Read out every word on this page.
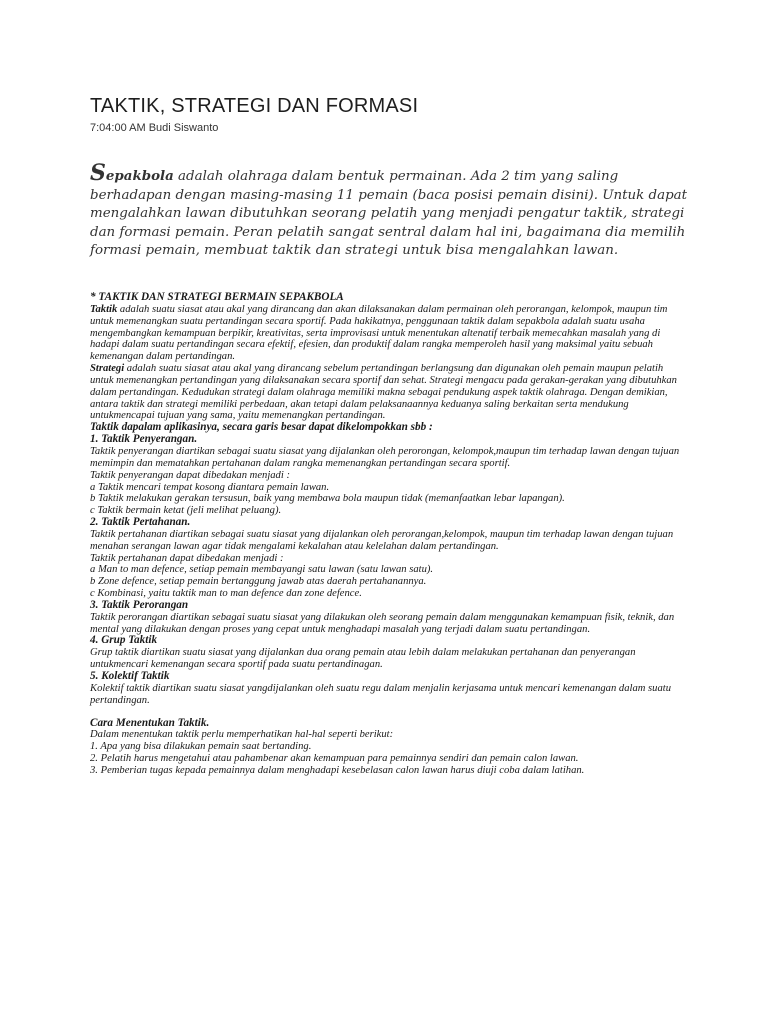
TAKTIK, STRATEGI DAN FORMASI
7:04:00 AM Budi Siswanto
Sepakbola adalah olahraga dalam bentuk permainan. Ada 2 tim yang saling berhadapan dengan masing-masing 11 pemain (baca posisi pemain disini). Untuk dapat mengalahkan lawan dibutuhkan seorang pelatih yang menjadi pengatur taktik, strategi dan formasi pemain. Peran pelatih sangat sentral dalam hal ini, bagaimana dia memilih formasi pemain, membuat taktik dan strategi untuk bisa mengalahkan lawan.

* TAKTIK DAN STRATEGI BERMAIN SEPAKBOLA

Taktik adalah suatu siasat atau akal yang dirancang dan akan dilaksanakan dalam permainan oleh perorangan, kelompok, maupun tim untuk memenangkan suatu pertandingan secara sportif. Pada hakikatnya, penggunaan taktik dalam sepakbola adalah suatu usaha mengembangkan kemampuan berpikir, kreativitas, serta improvisasi untuk menentukan altenatif terbaik memecahkan masalah yang di hadapi dalam suatu pertandingan secara efektif, efesien, dan produktif dalam rangka memperoleh hasil yang maksimal yaitu sebuah kemenangan dalam pertandingan.

Strategi adalah suatu siasat atau akal yang dirancang sebelum pertandingan berlangsung dan digunakan oleh pemain maupun pelatih untuk memenangkan pertandingan yang dilaksanakan secara sportif dan sehat. Strategi mengacu pada gerakan-gerakan yang dibutuhkan dalam pertandingan. Kedudukan strategi dalam olahraga memiliki makna sebagai pendukung aspek taktik olahraga. Dengan demikian, antara taktik dan strategi memiliki perbedaan, akan tetapi dalam pelaksanaannya keduanya saling berkaitan serta mendukung untukmencapai tujuan yang sama, yaitu memenangkan pertandingan.

Taktik dapalam aplikasinya, secara garis besar dapat dikelompokkan sbb :

1. Taktik Penyerangan.

Taktik penyerangan diartikan sebagai suatu siasat yang dijalankan oleh perorongan, kelompok,maupun tim terhadap lawan dengan tujuan memimpin dan mematahkan pertahanan dalam rangka memenangkan pertandingan secara sportif.

Taktik penyerangan dapat dibedakan menjadi :

a Taktik mencari tempat kosong diantara pemain lawan.

b Taktik melakukan gerakan tersusun, baik yang membawa bola maupun tidak (memanfaatkan lebar lapangan).

c Taktik bermain ketat (jeli melihat peluang).

2. Taktik Pertahanan.

Taktik pertahanan diartikan sebagai suatu siasat yang dijalankan oleh perorangan,kelompok, maupun tim terhadap lawan dengan tujuan menahan serangan lawan agar tidak mengalami kekalahan atau kelelahan dalam pertandingan.

Taktik pertahanan dapat dibedakan menjadi :

a Man to man defence, setiap pemain membayangi satu lawan (satu lawan satu).

b Zone defence, setiap pemain bertanggung jawab atas daerah pertahanannya.

c Kombinasi, yaitu taktik man to man defence dan zone defence.

3. Taktik Perorangan

Taktik perorangan diartikan sebagai suatu siasat yang dilakukan oleh seorang pemain dalam menggunakan kemampuan fisik, teknik, dan mental yang dilakukan dengan proses yang cepat untuk menghadapi masalah yang terjadi dalam suatu pertandingan.

4. Grup Taktik

Grup taktik diartikan suatu siasat yang dijalankan dua orang pemain atau lebih dalam melakukan pertahanan dan penyerangan untukmencari kemenangan secara sportif pada suatu pertandinagan.

5. Kolektif Taktik

Kolektif taktik diartikan suatu siasat yangdijalankan oleh suatu regu dalam menjalin kerjasama untuk mencari kemenangan dalam suatu pertandingan.

Cara Menentukan Taktik.

Dalam menentukan taktik perlu memperhatikan hal-hal seperti berikut:

1. Apa yang bisa dilakukan pemain saat bertanding.

2. Pelatih harus mengetahui atau pahambenar akan kemampuan para pemainnya sendiri dan pemain calon lawan.

3. Pemberian tugas kepada pemainnya dalam menghadapi kesebelasan calon lawan harus diuji coba dalam latihan.
